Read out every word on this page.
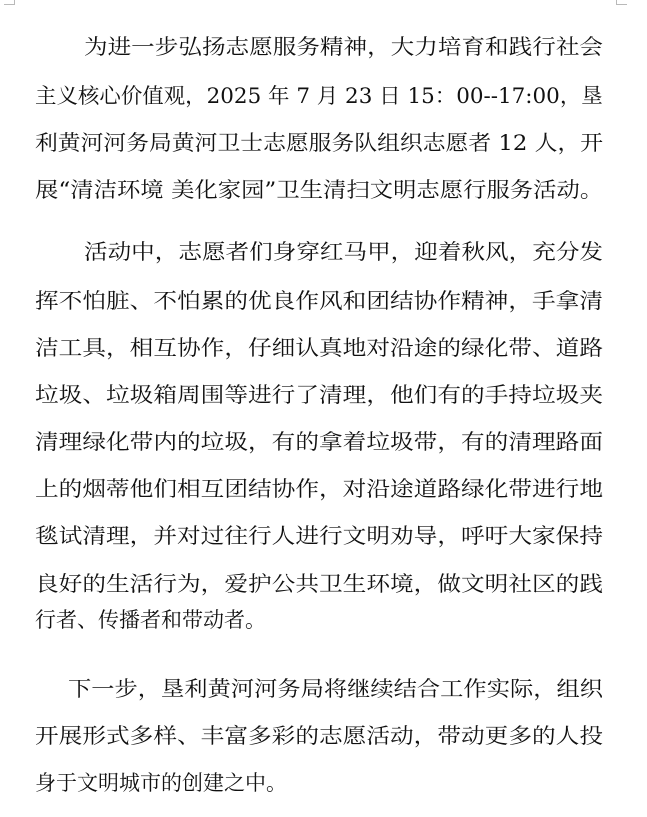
为进一步弘扬志愿服务精神，大力培育和践行社会
主义核心价值观，2025 年 7 月 23 日 15：00--17:00，垦
利黄河河务局黄河卫士志愿服务队组织志愿者 12 人，开
展“清洁环境 美化家园”卫生清扫文明志愿行服务活动。
活动中，志愿者们身穿红马甲，迎着秋风，充分发
挥不怕脏、不怕累的优良作风和团结协作精神，手拿清
洁工具，相互协作，仔细认真地对沿途的绿化带、道路
垃圾、垃圾箱周围等进行了清理，他们有的手持垃圾夹
清理绿化带内的垃圾，有的拿着垃圾带，有的清理路面
上的烟蒂他们相互团结协作，对沿途道路绿化带进行地
毯试清理，并对过往行人进行文明劝导，呼吁大家保持
良好的生活行为，爱护公共卫生环境，做文明社区的践
行者、传播者和带动者。
下一步，垦利黄河河务局将继续结合工作实际，组织
开展形式多样、丰富多彩的志愿活动，带动更多的人投
身于文明城市的创建之中。
